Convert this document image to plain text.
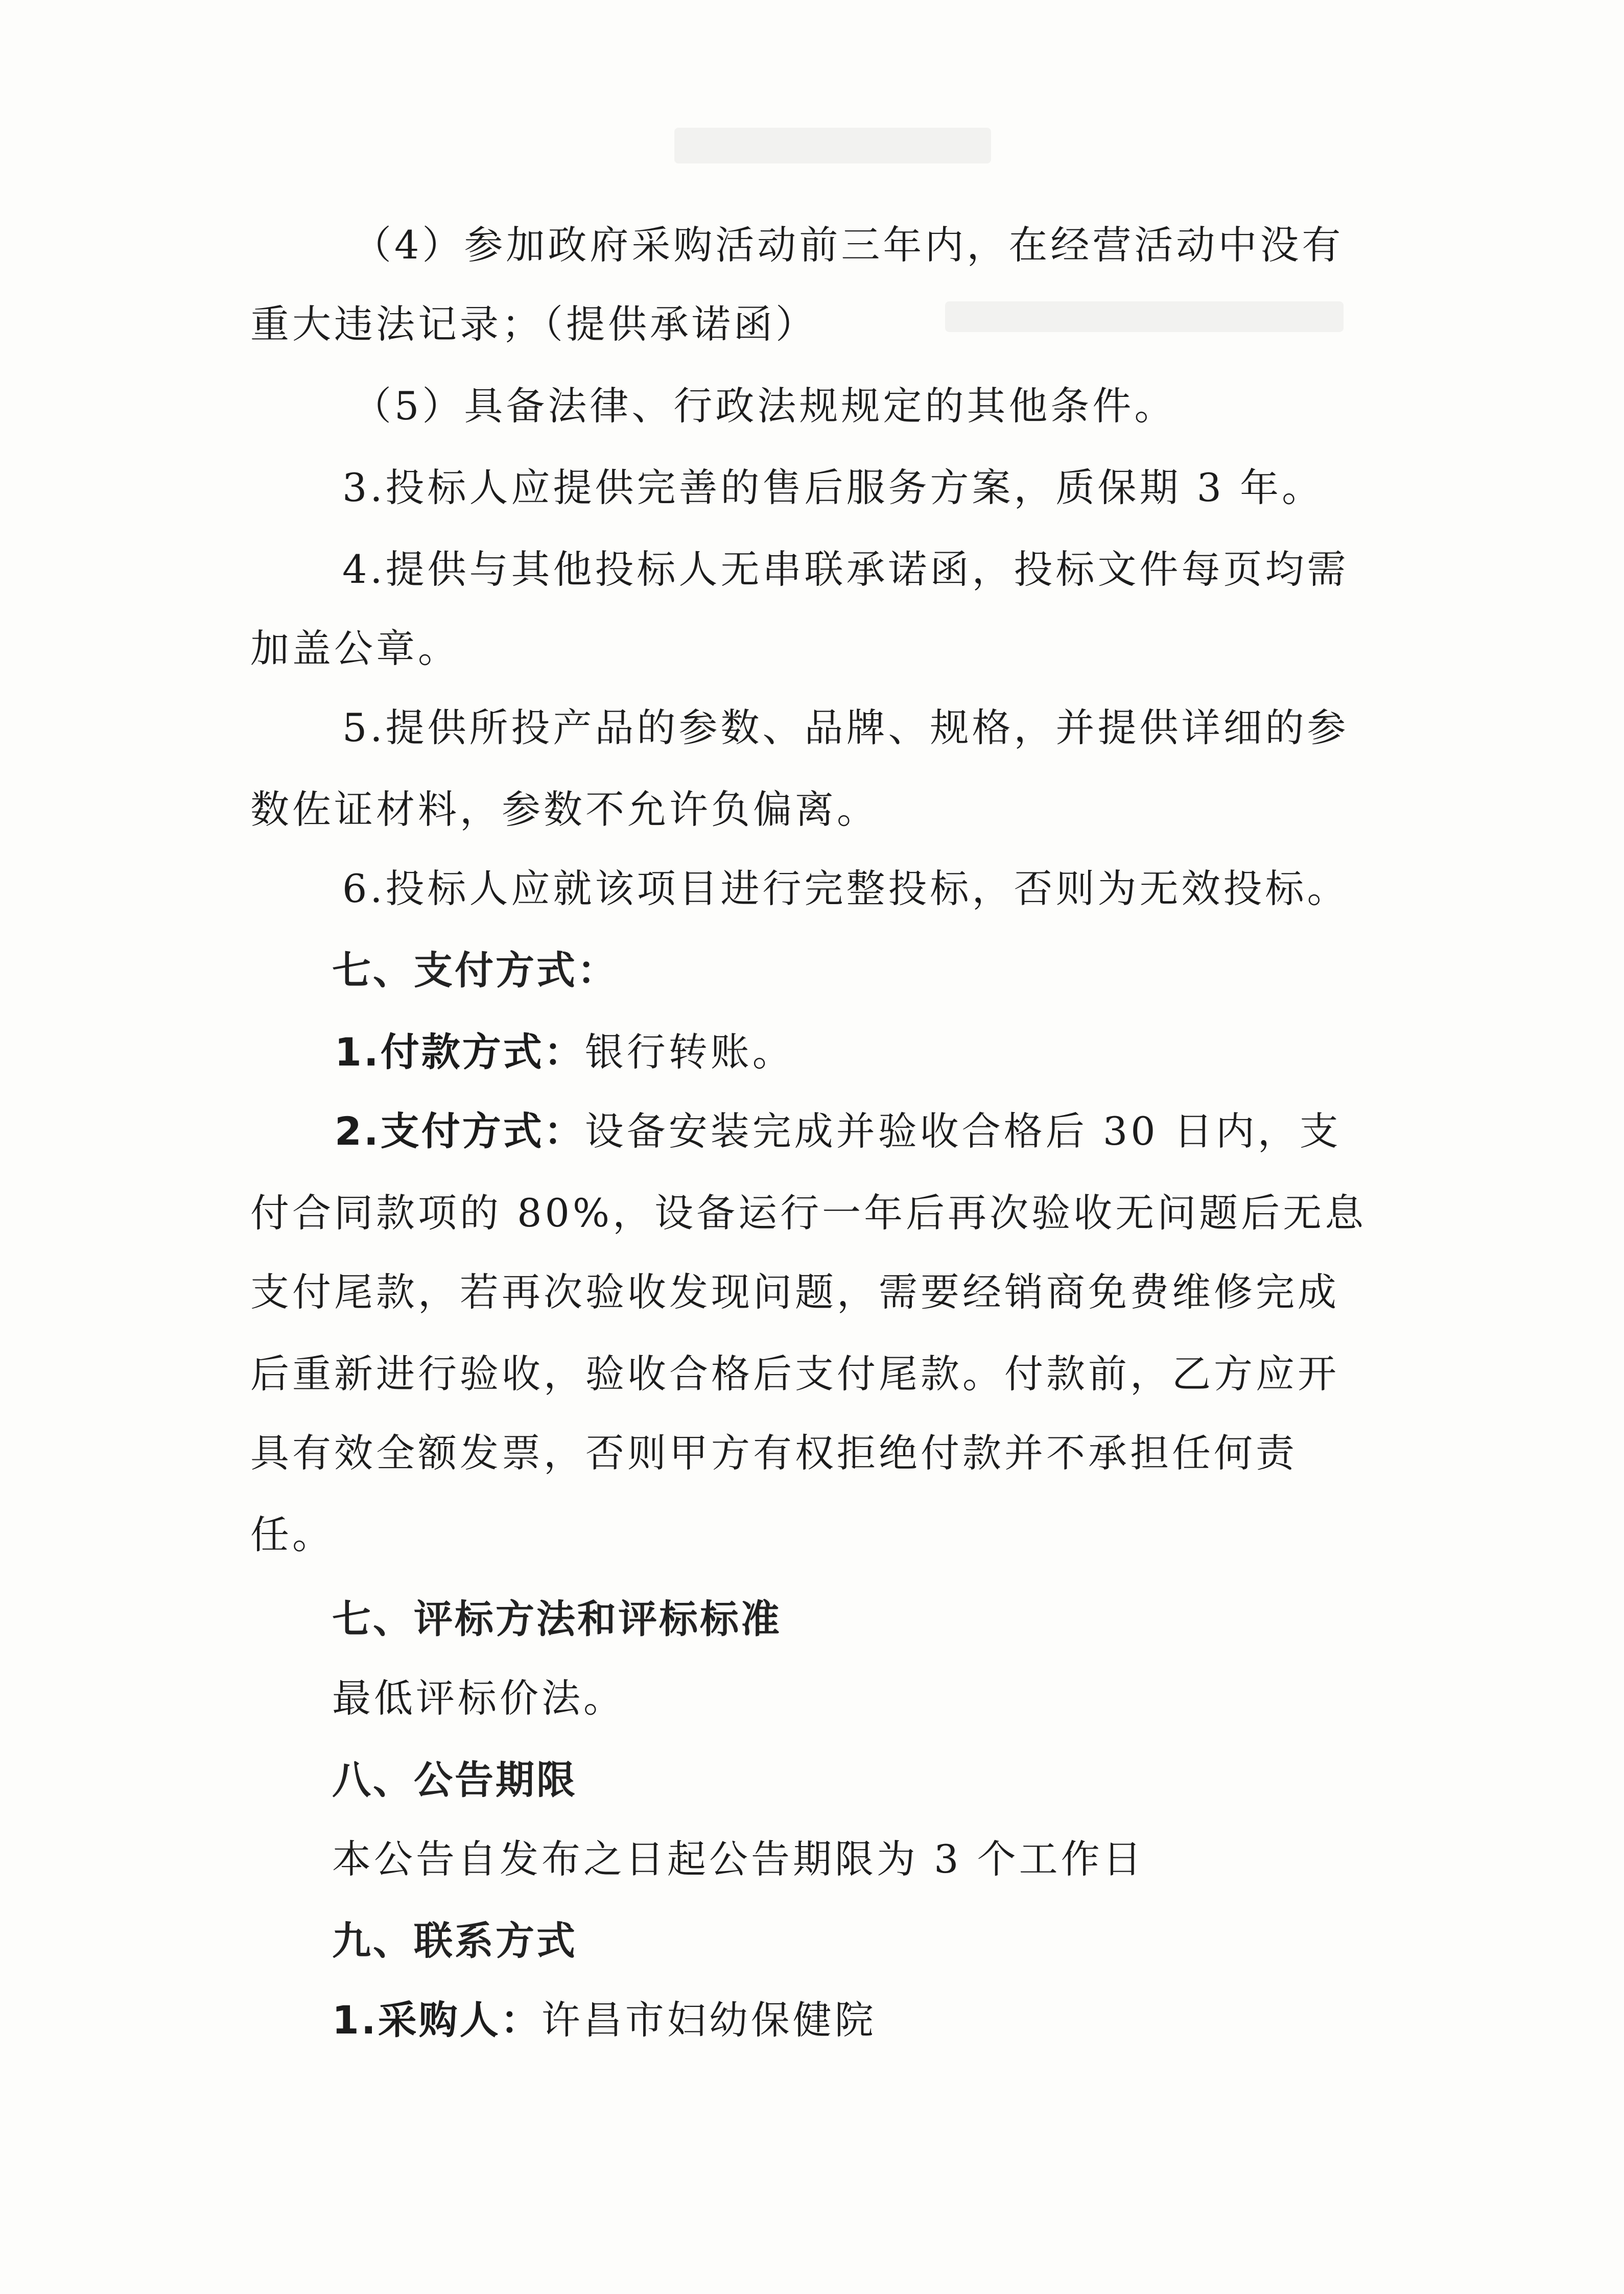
（4）参加政府采购活动前三年内，在经营活动中没有
重大违法记录；（提供承诺函）
（5）具备法律、行政法规规定的其他条件。
3.投标人应提供完善的售后服务方案，质保期 3 年。
4.提供与其他投标人无串联承诺函，投标文件每页均需
加盖公章。
5.提供所投产品的参数、品牌、规格，并提供详细的参
数佐证材料，参数不允许负偏离。
6.投标人应就该项目进行完整投标，否则为无效投标。
七、支付方式：
1.付款方式：银行转账。
2.支付方式：设备安装完成并验收合格后 30 日内，支
付合同款项的 80%，设备运行一年后再次验收无问题后无息
支付尾款，若再次验收发现问题，需要经销商免费维修完成
后重新进行验收，验收合格后支付尾款。付款前，乙方应开
具有效全额发票，否则甲方有权拒绝付款并不承担任何责
任。
七、评标方法和评标标准
最低评标价法。
八、公告期限
本公告自发布之日起公告期限为 3 个工作日
九、联系方式
1.采购人：许昌市妇幼保健院
